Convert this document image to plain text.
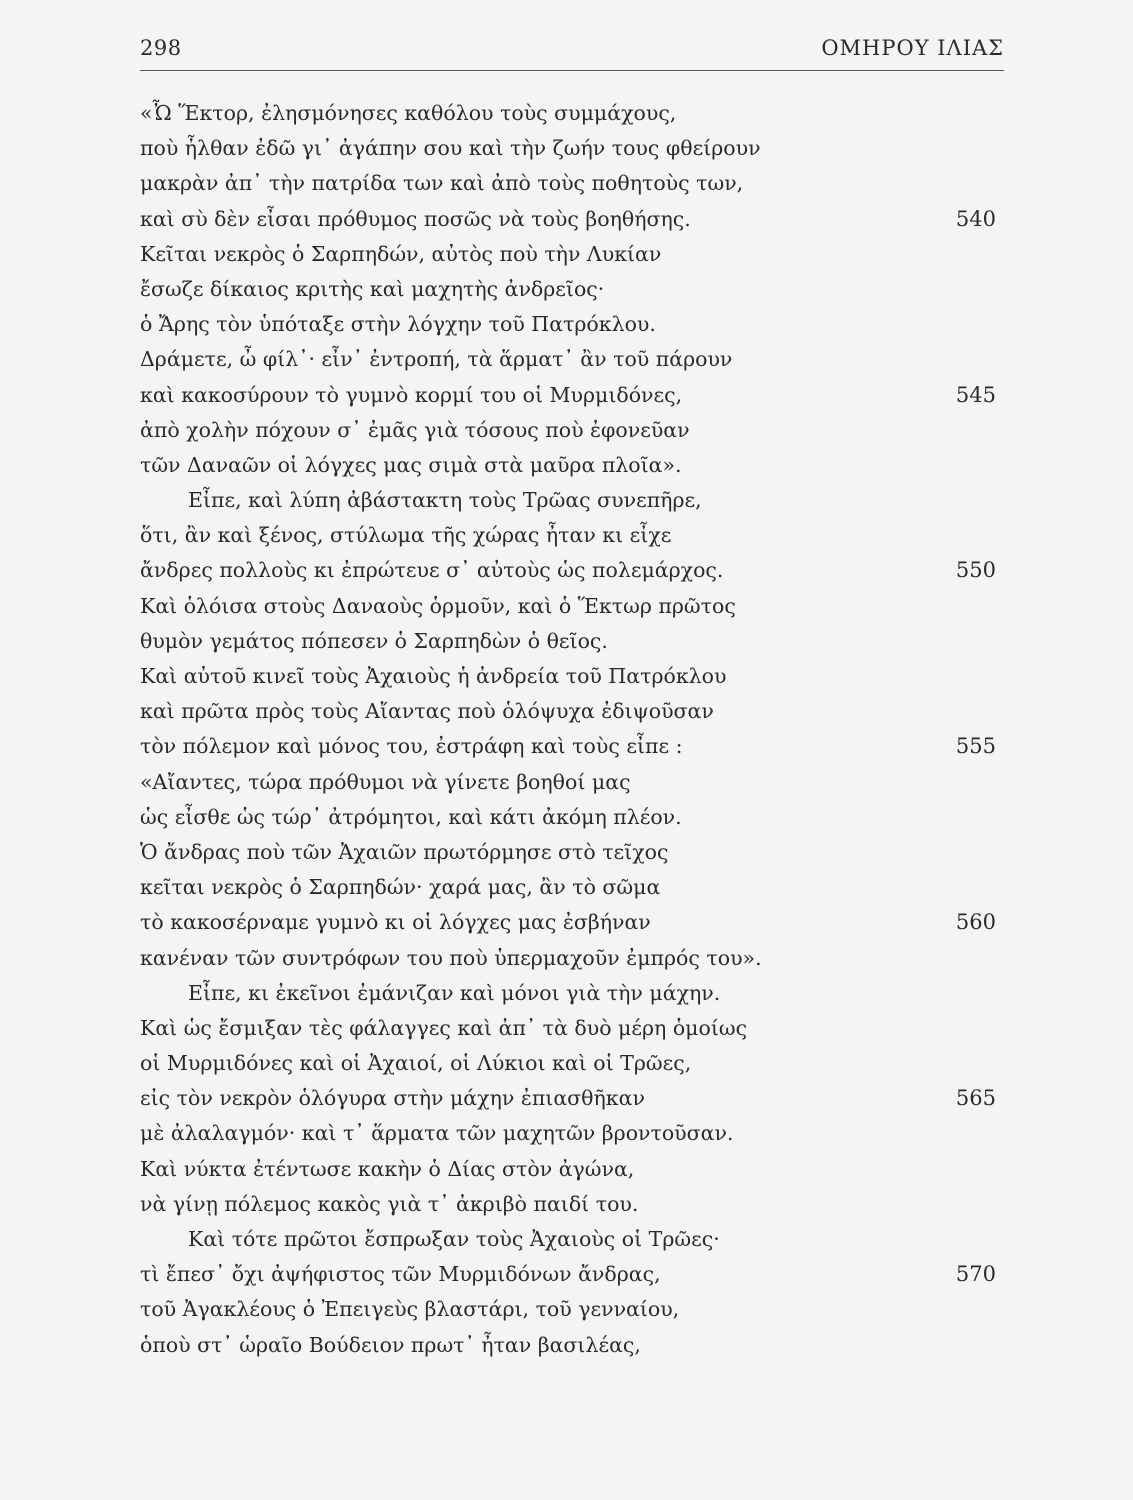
298	ΟΜΗΡΟΥ ΙΛΙΑΣ
«Ὦ Ἕκτορ, ἐλησμόνησες καθόλου τοὺς συμμάχους,
ποὺ ἦλθαν ἐδῶ γι᾽ ἀγάπην σου καὶ τὴν ζωήν τους φθείρουν
μακρὰν ἀπ᾽ τὴν πατρίδα των καὶ ἀπὸ τοὺς ποθητοὺς των,
καὶ σὺ δὲν εἶσαι πρόθυμος ποσῶς νὰ τοὺς βοηθήσης.	540
Κεῖται νεκρὸς ὁ Σαρπηδών, αὐτὸς ποὺ τὴν Λυκίαν
ἔσωζε δίκαιος κριτὴς καὶ μαχητὴς ἀνδρεῖος·
ὁ Ἄρης τὸν ὑπόταξε στὴν λόγχην τοῦ Πατρόκλου.
Δράμετε, ὦ φίλ᾽· εἶν᾽ ἐντροπή, τὰ ἅρματ᾽ ἂν τοῦ πάρουν
καὶ κακοσύρουν τὸ γυμνὸ κορμί του οἱ Μυρμιδόνες,	545
ἀπὸ χολὴν πόχουν σ᾽ ἐμᾶς γιὰ τόσους ποὺ ἐφονεῦαν
τῶν Δαναῶν οἱ λόγχες μας σιμὰ στὰ μαῦρα πλοῖα».
Εἶπε, καὶ λύπη ἀβάστακτη τοὺς Τρῶας συνεπῆρε,
ὅτι, ἂν καὶ ξένος, στύλωμα τῆς χώρας ἦταν κι εἶχε
ἄνδρες πολλοὺς κι ἐπρώτευε σ᾽ αὐτοὺς ὡς πολεμάρχος.	550
Καὶ ὁλόισα στοὺς Δαναοὺς ὁρμοῦν, καὶ ὁ Ἕκτωρ πρῶτος
θυμὸν γεμάτος πόπεσεν ὁ Σαρπηδὼν ὁ θεῖος.
Καὶ αὐτοῦ κινεῖ τοὺς Ἀχαιοὺς ἡ ἀνδρεία τοῦ Πατρόκλου
καὶ πρῶτα πρὸς τοὺς Αἴαντας ποὺ ὁλόψυχα ἐδιψοῦσαν
τὸν πόλεμον καὶ μόνος του, ἐστράφη καὶ τοὺς εἶπε :	555
«Αἴαντες, τώρα πρόθυμοι νὰ γίνετε βοηθοί μας
ὡς εἶσθε ὡς τώρ᾽ ἀτρόμητοι, καὶ κάτι ἀκόμη πλέον.
Ὁ ἄνδρας ποὺ τῶν Ἀχαιῶν πρωτόρμησε στὸ τεῖχος
κεῖται νεκρὸς ὁ Σαρπηδών· χαρά μας, ἂν τὸ σῶμα
τὸ κακοσέρναμε γυμνὸ κι οἱ λόγχες μας ἐσβήναν	560
κανέναν τῶν συντρόφων του ποὺ ὑπερμαχοῦν ἐμπρός του».
Εἶπε, κι ἐκεῖνοι ἐμάνιζαν καὶ μόνοι γιὰ τὴν μάχην.
Καὶ ὡς ἔσμιξαν τὲς φάλαγγες καὶ ἀπ᾽ τὰ δυὸ μέρη ὁμοίως
οἱ Μυρμιδόνες καὶ οἱ Ἀχαιοί, οἱ Λύκιοι καὶ οἱ Τρῶες,
εἰς τὸν νεκρὸν ὁλόγυρα στὴν μάχην ἐπιασθῆκαν	565
μὲ ἀλαλαγμόν· καὶ τ᾽ ἅρματα τῶν μαχητῶν βροντοῦσαν.
Καὶ νύκτα ἐτέντωσε κακὴν ὁ Δίας στὸν ἀγώνα,
νὰ γίνῃ πόλεμος κακὸς γιὰ τ᾽ ἀκριβὸ παιδί του.
Καὶ τότε πρῶτοι ἔσπρωξαν τοὺς Ἀχαιοὺς οἱ Τρῶες·
τὶ ἔπεσ᾽ ὄχι ἀψήφιστος τῶν Μυρμιδόνων ἄνδρας,	570
τοῦ Ἀγακλέους ὁ Ἐπειγεὺς βλαστάρι, τοῦ γενναίου,
ὁποὺ στ᾽ ὡραῖο Βούδειον πρωτ᾽ ἦταν βασιλέας,
